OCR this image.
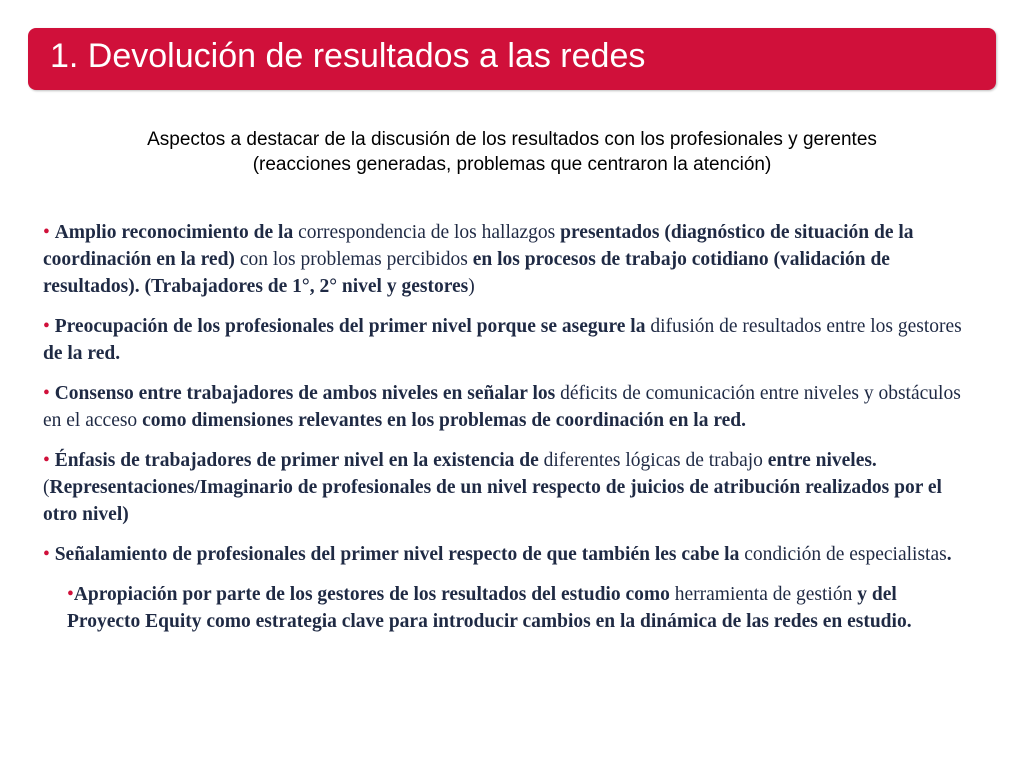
1. Devolución de resultados a las redes
Aspectos a destacar de la discusión de los resultados con los profesionales y gerentes
(reacciones generadas, problemas que centraron la atención)
• Amplio reconocimiento de la correspondencia de los hallazgos presentados (diagnóstico de situación de la coordinación en la red) con los problemas percibidos en los procesos de trabajo cotidiano (validación de resultados). (Trabajadores de 1°, 2° nivel y gestores)
• Preocupación de los profesionales del primer nivel porque se asegure la difusión de resultados entre los gestores de la red.
• Consenso entre trabajadores de ambos niveles en señalar los déficits de comunicación entre niveles y obstáculos en el acceso como dimensiones relevantes en los problemas de coordinación en la red.
• Énfasis de trabajadores de primer nivel en la existencia de diferentes lógicas de trabajo entre niveles. (Representaciones/Imaginario de profesionales de un nivel respecto de juicios de atribución realizados por el otro nivel)
• Señalamiento de profesionales del primer nivel respecto de que también les cabe la condición de especialistas.
•Apropiación por parte de los gestores de los resultados del estudio como herramienta de gestión y del Proyecto Equity como estrategia clave para introducir cambios en la dinámica de las redes en estudio.
